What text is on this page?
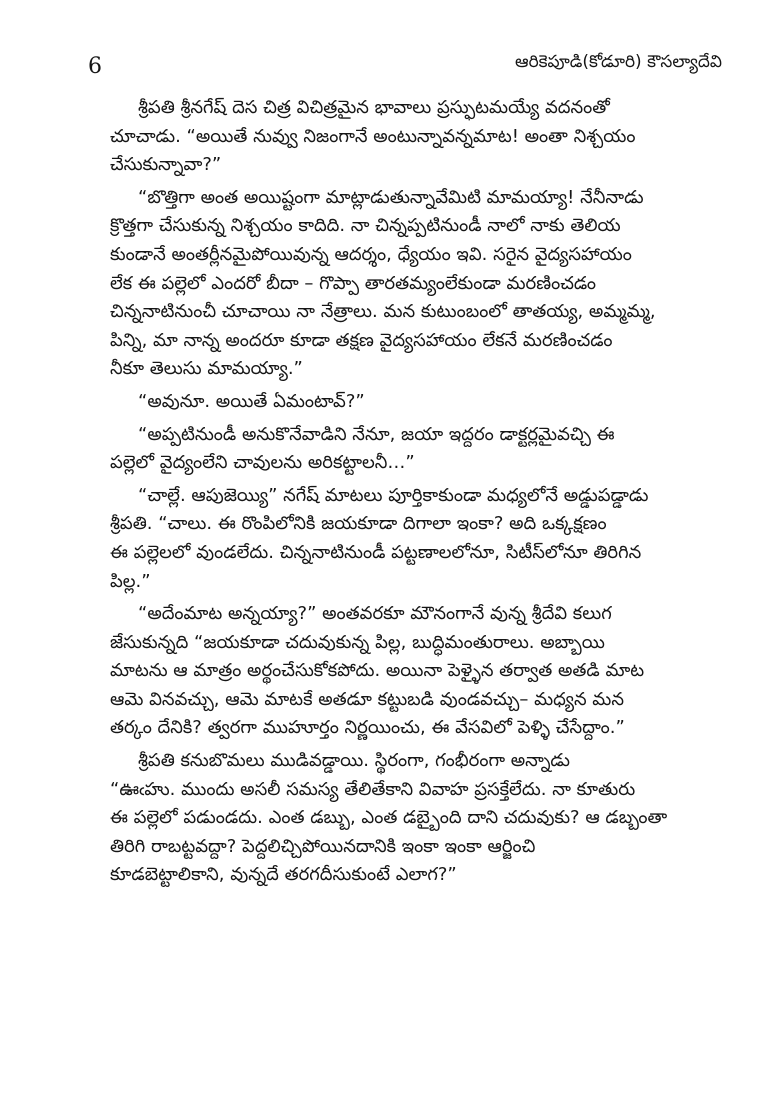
6	ఆరికెపూడి(కోడూరి) కౌసల్యాదేవి
శ్రీపతి శ్రీనగేష్ దెస చిత్ర విచిత్రమైన భావాలు ప్రస్ఫుటమయ్యే వదనంతో
చూచాడు. “అయితే నువ్వు నిజంగానే అంటున్నావన్నమాట! అంతా నిశ్చయం
చేసుకున్నావా?”
“బొత్తిగా అంత అయిష్టంగా మాట్లాడుతున్నావేమిటి మామయ్యా! నేనీనాడు
క్రొత్తగా చేసుకున్న నిశ్చయం కాదిది. నా చిన్నప్పటినుండీ నాలో నాకు తెలియ
కుండానే అంతర్లీనమైపోయివున్న ఆదర్శం, ధ్యేయం ఇవి. సరైన వైద్యసహాయం
లేక ఈ పల్లెలో ఎందరో బీదా – గొప్పా తారతమ్యంలేకుండా మరణించడం
చిన్ననాటినుంచీ చూచాయి నా నేత్రాలు. మన కుటుంబంలో తాతయ్య, అమ్మమ్మ,
పిన్ని, మా నాన్న అందరూ కూడా తక్షణ వైద్యసహాయం లేకనే మరణించడం
నీకూ తెలుసు మామయ్యా.”
“అవునూ. అయితే ఏమంటావ్?”
“అప్పటినుండీ అనుకొనేవాడిని నేనూ, జయా ఇద్దరం డాక్టర్లమైవచ్చి ఈ
పల్లెలో వైద్యంలేని చావులను అరికట్టాలనీ…”
“చాల్లే. ఆపుజెయ్యి” నగేష్ మాటలు పూర్తికాకుండా మధ్యలోనే అడ్డుపడ్డాడు
శ్రీపతి. “చాలు. ఈ రొంపిలోనికి జయకూడా దిగాలా ఇంకా? అది ఒక్కక్షణం
ఈ పల్లెలలో వుండలేదు. చిన్ననాటినుండీ పట్టణాలలోనూ, సిటీస్‌లోనూ తిరిగిన
పిల్ల.”
“అదేంమాట అన్నయ్యా?” అంతవరకూ మౌనంగానే వున్న శ్రీదేవి కలుగ
జేసుకున్నది “జయకూడా చదువుకున్న పిల్ల, బుద్ధిమంతురాలు. అబ్బాయి
మాటను ఆ మాత్రం అర్థంచేసుకోకపోదు. అయినా పెళ్ళైన తర్వాత అతడి మాట
ఆమె వినవచ్చు, ఆమె మాటకే అతడూ కట్టుబడి వుండవచ్చు– మధ్యన మన
తర్కం దేనికి? త్వరగా ముహూర్తం నిర్ణయించు, ఈ వేసవిలో పెళ్ళి చేసేద్దాం.”
శ్రీపతి కనుబొమలు ముడివడ్డాయి. స్థిరంగా, గంభీరంగా అన్నాడు
“ఊఁహు. ముందు అసలీ సమస్య తేలితేకాని వివాహ ప్రసక్తేలేదు. నా కూతురు
ఈ పల్లెలో పడుండదు. ఎంత డబ్బు, ఎంత డబ్బైంది దాని చదువుకు? ఆ డబ్బంతా
తిరిగి రాబట్టవద్దా? పెద్దలిచ్చిపోయినదానికి ఇంకా ఇంకా ఆర్జించి
కూడబెట్టాలికాని, వున్నదే తరగదీసుకుంటే ఎలాగ?”
